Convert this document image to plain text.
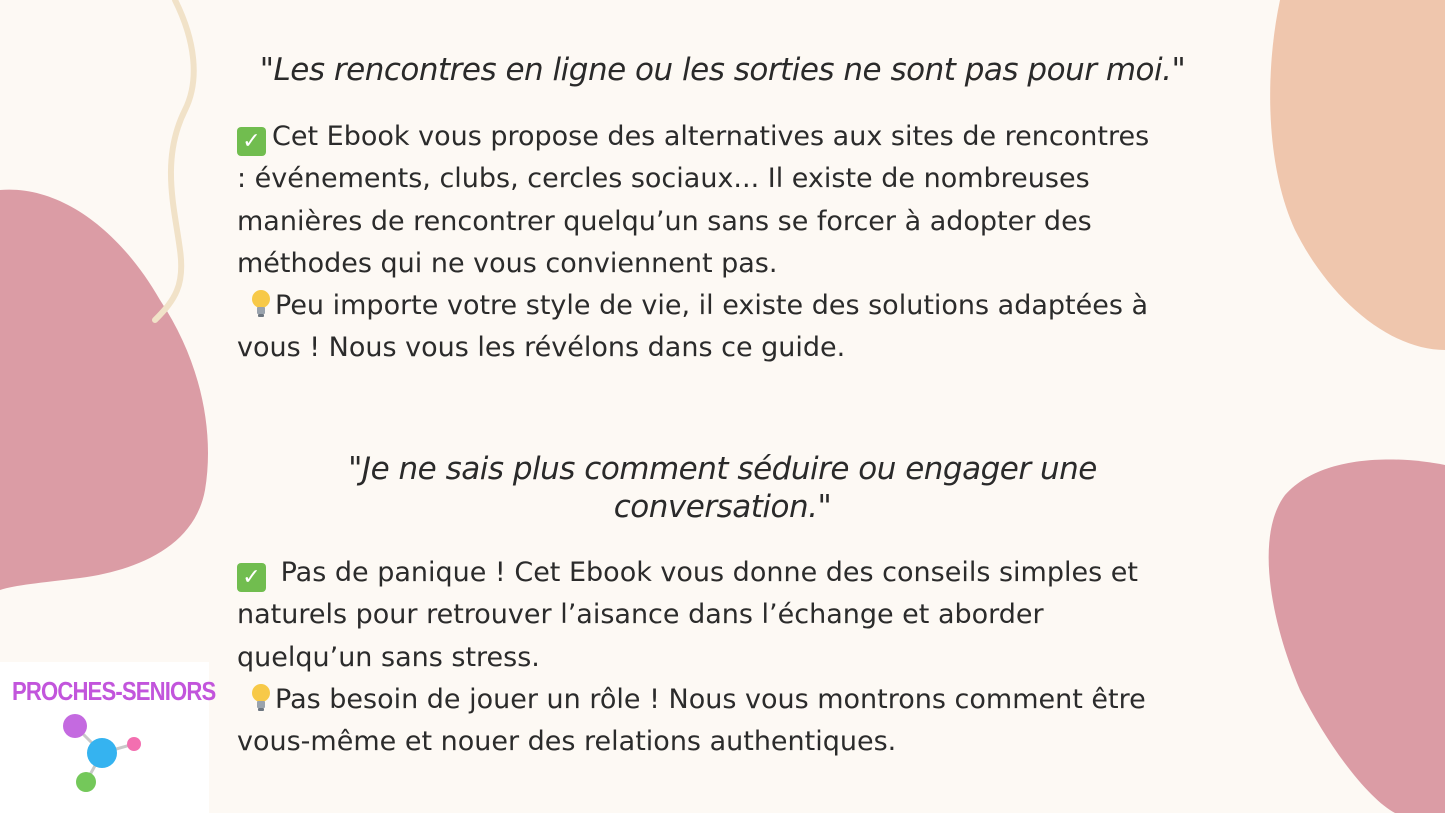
"Les rencontres en ligne ou les sorties ne sont pas pour moi."

✓ Cet Ebook vous propose des alternatives aux sites de rencontres
: événements, clubs, cercles sociaux... Il existe de nombreuses
manières de rencontrer quelqu’un sans se forcer à adopter des
méthodes qui ne vous conviennent pas.
Peu importe votre style de vie, il existe des solutions adaptées à
vous ! Nous vous les révélons dans ce guide.

"Je ne sais plus comment séduire ou engager une conversation."

✓ Pas de panique ! Cet Ebook vous donne des conseils simples et
naturels pour retrouver l’aisance dans l’échange et aborder
quelqu’un sans stress.
Pas besoin de jouer un rôle ! Nous vous montrons comment être
vous-même et nouer des relations authentiques.
PROCHES-SENIORS
